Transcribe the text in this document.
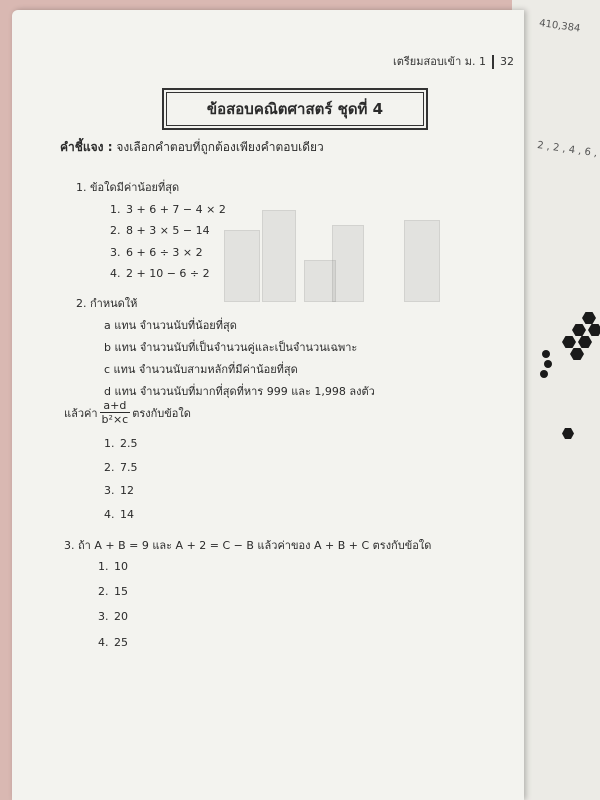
410,384
2 , 2 , 4 , 6 ,
เตรียมสอบเข้า ม. 1 32
ข้อสอบคณิตศาสตร์ ชุดที่ 4
คำชี้แจง : จงเลือกคำตอบที่ถูกต้องเพียงคำตอบเดียว
1. ข้อใดมีค่าน้อยที่สุด
1. 3 + 6 + 7 − 4 × 2
2. 8 + 3 × 5 − 14
3. 6 + 6 ÷ 3 × 2
4. 2 + 10 − 6 ÷ 2
2. กำหนดให้
a แทน จำนวนนับที่น้อยที่สุด
b แทน จำนวนนับที่เป็นจำนวนคู่และเป็นจำนวนเฉพาะ
c แทน จำนวนนับสามหลักที่มีค่าน้อยที่สุด
d แทน จำนวนนับที่มากที่สุดที่หาร 999 และ 1,998 ลงตัว
แล้วค่า $\frac{a+d}{\text{b²×c}}$ ตรงกับข้อใด
1. 2.5
2. 7.5
3. 12
4. 14
3. ถ้า A + B = 9 และ A + 2 = C − B แล้วค่าของ A + B + C ตรงกับข้อใด
1. 10
2. 15
3. 20
4. 25
